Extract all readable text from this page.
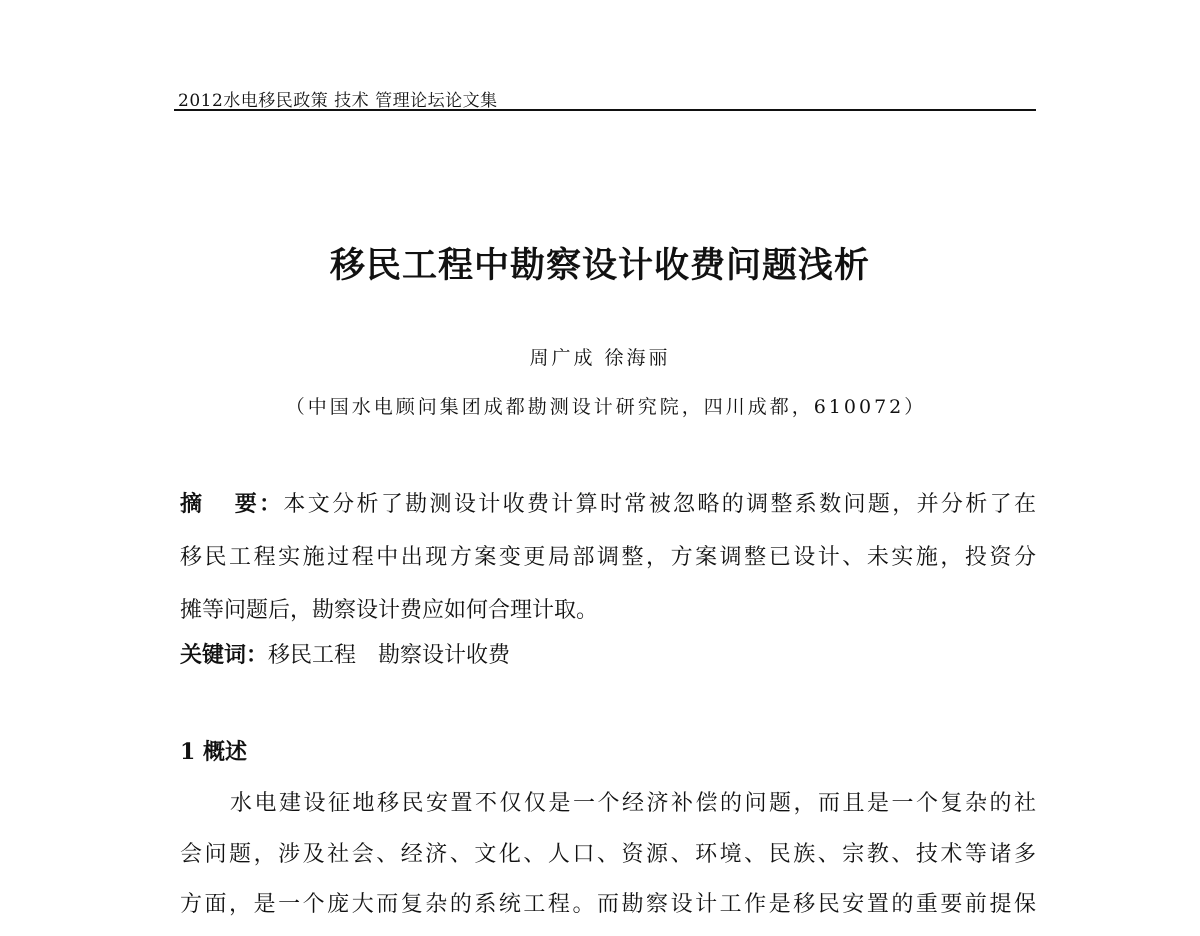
2012水电移民政策 技术 管理论坛论文集
移民工程中勘察设计收费问题浅析
周广成 徐海丽
（中国水电顾问集团成都勘测设计研究院，四川成都，610072）
摘 要：本文分析了勘测设计收费计算时常被忽略的调整系数问题，并分析了在
移民工程实施过程中出现方案变更局部调整，方案调整已设计、未实施，投资分
摊等问题后，勘察设计费应如何合理计取。
关键词：移民工程 勘察设计收费
1 概述
水电建设征地移民安置不仅仅是一个经济补偿的问题，而且是一个复杂的社
会问题，涉及社会、经济、文化、人口、资源、环境、民族、宗教、技术等诸多
方面，是一个庞大而复杂的系统工程。而勘察设计工作是移民安置的重要前提保
